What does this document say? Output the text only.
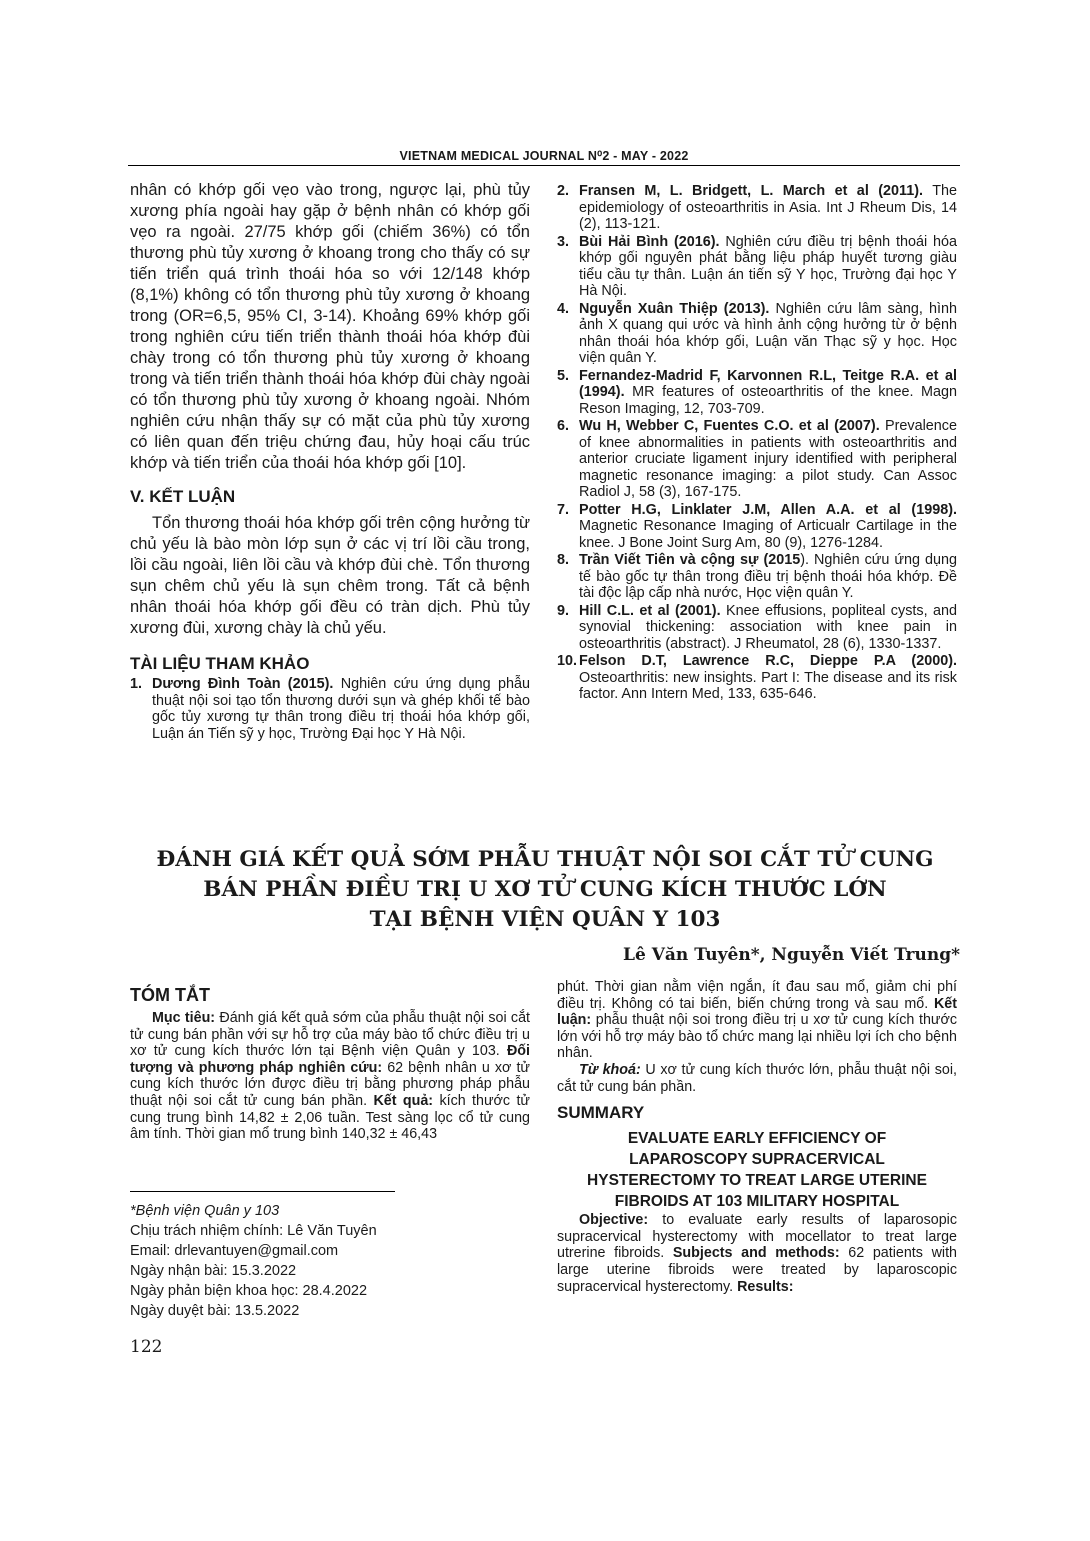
VIETNAM MEDICAL JOURNAL N⁰2 - MAY - 2022

nhân có khớp gối vẹo vào trong, ngược lại, phù tủy xương phía ngoài hay gặp ở bệnh nhân có khớp gối vẹo ra ngoài. 27/75 khớp gối (chiếm 36%) có tổn thương phù tủy xương ở khoang trong cho thấy có sự tiến triển quá trình thoái hóa so với 12/148 khớp (8,1%) không có tổn thương phù tủy xương ở khoang trong (OR=6,5, 95% CI, 3-14). Khoảng 69% khớp gối trong nghiên cứu tiến triển thành thoái hóa khớp đùi chày trong có tổn thương phù tủy xương ở khoang trong và tiến triển thành thoái hóa khớp đùi chày ngoài có tổn thương phù tủy xương ở khoang ngoài. Nhóm nghiên cứu nhận thấy sự có mặt của phù tủy xương có liên quan đến triệu chứng đau, hủy hoại cấu trúc khớp và tiến triển của thoái hóa khớp gối [10].

V. KẾT LUẬN

Tổn thương thoái hóa khớp gối trên cộng hưởng từ chủ yếu là bào mòn lớp sụn ở các vị trí lồi cầu trong, lồi cầu ngoài, liên lồi cầu và khớp đùi chè. Tổn thương sụn chêm chủ yếu là sụn chêm trong. Tất cả bệnh nhân thoái hóa khớp gối đều có tràn dịch. Phù tủy xương đùi, xương chày là chủ yếu.

TÀI LIỆU THAM KHẢO
1. Dương Đình Toàn (2015). Nghiên cứu ứng dụng phẫu thuật nội soi tạo tổn thương dưới sụn và ghép khối tế bào gốc tủy xương tự thân trong điều trị thoái hóa khớp gối, Luận án Tiến sỹ y học, Trường Đại học Y Hà Nội.
2. Fransen M, L. Bridgett, L. March et al (2011). The epidemiology of osteoarthritis in Asia. Int J Rheum Dis, 14 (2), 113-121.
3. Bùi Hải Bình (2016). Nghiên cứu điều trị bệnh thoái hóa khớp gối nguyên phát bằng liệu pháp huyết tương giàu tiểu cầu tự thân. Luận án tiến sỹ Y học, Trường đại học Y Hà Nội.
4. Nguyễn Xuân Thiệp (2013). Nghiên cứu lâm sàng, hình ảnh X quang qui ước và hình ảnh cộng hưởng từ ở bệnh nhân thoái hóa khớp gối, Luận văn Thạc sỹ y học. Học viện quân Y.
5. Fernandez-Madrid F, Karvonnen R.L, Teitge R.A. et al (1994). MR features of osteoarthritis of the knee. Magn Reson Imaging, 12, 703-709.
6. Wu H, Webber C, Fuentes C.O. et al (2007). Prevalence of knee abnormalities in patients with osteoarthritis and anterior cruciate ligament injury identified with peripheral magnetic resonance imaging: a pilot study. Can Assoc Radiol J, 58 (3), 167-175.
7. Potter H.G, Linklater J.M, Allen A.A. et al (1998). Magnetic Resonance Imaging of Articualr Cartilage in the knee. J Bone Joint Surg Am, 80 (9), 1276-1284.
8. Trần Viết Tiên và cộng sự (2015). Nghiên cứu ứng dụng tế bào gốc tự thân trong điều trị bệnh thoái hóa khớp. Đề tài độc lập cấp nhà nước, Học viện quân Y.
9. Hill C.L. et al (2001). Knee effusions, popliteal cysts, and synovial thickening: association with knee pain in osteoarthritis (abstract). J Rheumatol, 28 (6), 1330-1337.
10. Felson D.T, Lawrence R.C, Dieppe P.A (2000). Osteoarthritis: new insights. Part I: The disease and its risk factor. Ann Intern Med, 133, 635-646.
ĐÁNH GIÁ KẾT QUẢ SỚM PHẪU THUẬT NỘI SOI CẮT TỬ CUNG
BÁN PHẦN ĐIỀU TRỊ U XƠ TỬ CUNG KÍCH THƯỚC LỚN
TẠI BỆNH VIỆN QUÂN Y 103
Lê Văn Tuyên*, Nguyễn Viết Trung*
TÓM TẮT

Mục tiêu: Đánh giá kết quả sớm của phẫu thuật nội soi cắt tử cung bán phần với sự hỗ trợ của máy bào tổ chức điều trị u xơ tử cung kích thước lớn tại Bệnh viện Quân y 103. Đối tượng và phương pháp nghiên cứu: 62 bệnh nhân u xơ tử cung kích thước lớn được điều trị bằng phương pháp phẫu thuật nội soi cắt tử cung bán phần. Kết quả: kích thước tử cung trung bình 14,82 ± 2,06 tuần. Test sàng lọc cổ tử cung âm tính. Thời gian mổ trung bình 140,32 ± 46,43

*Bệnh viện Quân y 103
Chịu trách nhiệm chính: Lê Văn Tuyên
Email: drlevantuyen@gmail.com
Ngày nhận bài: 15.3.2022
Ngày phản biện khoa học: 28.4.2022
Ngày duyệt bài: 13.5.2022

phút. Thời gian nằm viện ngắn, ít đau sau mổ, giảm chi phí điều trị. Không có tai biến, biến chứng trong và sau mổ. Kết luận: phẫu thuật nội soi trong điều trị u xơ tử cung kích thước lớn với hỗ trợ máy bào tổ chức mang lại nhiều lợi ích cho bệnh nhân.

Từ khoá: U xơ tử cung kích thước lớn, phẫu thuật nội soi, cắt tử cung bán phần.

SUMMARY

EVALUATE EARLY EFFICIENCY OF

LAPAROSCOPY SUPRACERVICAL

HYSTERECTOMY TO TREAT LARGE UTERINE

FIBROIDS AT 103 MILITARY HOSPITAL

Objective: to evaluate early results of laparosopic supracervical hysterectomy with mocellator to treat large utrerine fibroids. Subjects and methods: 62 patients with large uterine fibroids were treated by laparoscopic supracervical hysterectomy. Results:

122
